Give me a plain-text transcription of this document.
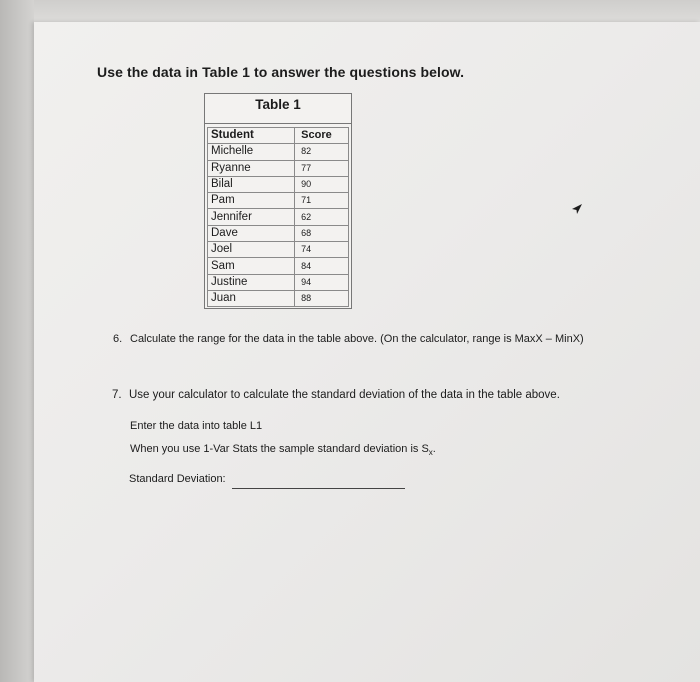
Use the data in Table 1 to answer the questions below.
Table 1
Student	Score
Michelle	82
Ryanne	77
Bilal	90
Pam	71
Jennifer	62
Dave	68
Joel	74
Sam	84
Justine	94
Juan	88
6. Calculate the range for the data in the table above. (On the calculator, range is MaxX – MinX)
7. Use your calculator to calculate the standard deviation of the data in the table above.
Enter the data into table L1
When you use 1-Var Stats the sample standard deviation is $S_x$.
Standard Deviation:
